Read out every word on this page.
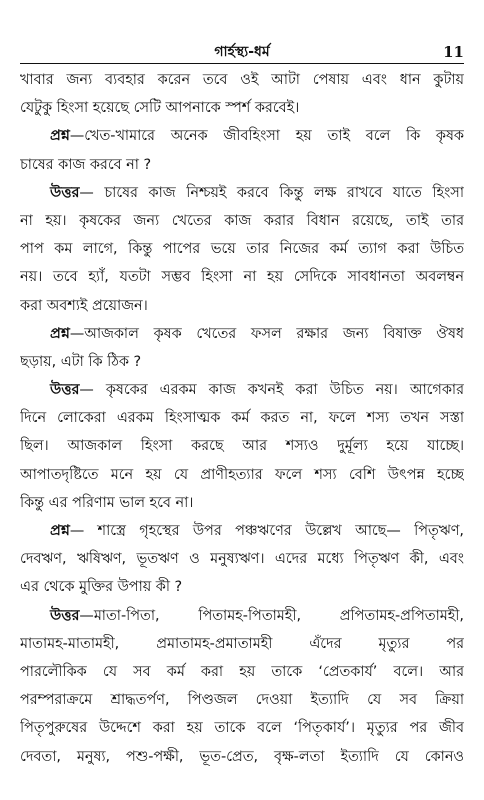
গার্হস্থ্য-ধর্ম	11
খাবার জন্য ব্যবহার করেন তবে ওই আটা পেষায় এবং ধান কুটায়
যেটুকু হিংসা হয়েছে সেটি আপনাকে স্পর্শ করবেই।
প্রশ্ন—খেত-খামারে অনেক জীবহিংসা হয় তাই বলে কি কৃষক
চাষের কাজ করবে না ?
উত্তর— চাষের কাজ নিশ্চয়ই করবে কিন্তু লক্ষ রাখবে যাতে হিংসা
না হয়। কৃষকের জন্য খেতের কাজ করার বিধান রয়েছে, তাই তার
পাপ কম লাগে, কিন্তু পাপের ভয়ে তার নিজের কর্ম ত্যাগ করা উচিত
নয়। তবে হ্যাঁ, যতটা সম্ভব হিংসা না হয় সেদিকে সাবধানতা অবলম্বন
করা অবশ্যই প্রয়োজন।
প্রশ্ন—আজকাল কৃষক খেতের ফসল রক্ষার জন্য বিষাক্ত ঔষধ
ছড়ায়, এটা কি ঠিক ?
উত্তর— কৃষকের এরকম কাজ কখনই করা উচিত নয়। আগেকার
দিনে লোকেরা এরকম হিংসাত্মক কর্ম করত না, ফলে শস্য তখন সস্তা
ছিল। আজকাল হিংসা করছে আর শস্যও দুর্মূল্য হয়ে যাচ্ছে।
আপাতদৃষ্টিতে মনে হয় যে প্রাণীহত্যার ফলে শস্য বেশি উৎপন্ন হচ্ছে
কিন্তু এর পরিণাম ভাল হবে না।
প্রশ্ন— শাস্ত্রে গৃহস্থের উপর পঞ্চঋণের উল্লেখ আছে— পিতৃঋণ,
দেবঋণ, ঋষিঋণ, ভূতঋণ ও মনুষ্যঋণ। এদের মধ্যে পিতৃঋণ কী, এবং
এর থেকে মুক্তির উপায় কী ?
উত্তর—মাতা-পিতা, পিতামহ-পিতামহী, প্রপিতামহ-প্রপিতামহী,
মাতামহ-মাতামহী, প্রমাতামহ-প্রমাতামহী এঁদের মৃত্যুর পর
পারলৌকিক যে সব কর্ম করা হয় তাকে ‘প্রেতকার্য’ বলে। আর
পরম্পরাক্রমে শ্রাদ্ধতর্পণ, পিণ্ডজল দেওয়া ইত্যাদি যে সব ক্রিয়া
পিতৃপুরুষের উদ্দেশে করা হয় তাকে বলে ‘পিতৃকার্য’। মৃত্যুর পর জীব
দেবতা, মনুষ্য, পশু-পক্ষী, ভূত-প্রেত, বৃক্ষ-লতা ইত্যাদি যে কোনও
